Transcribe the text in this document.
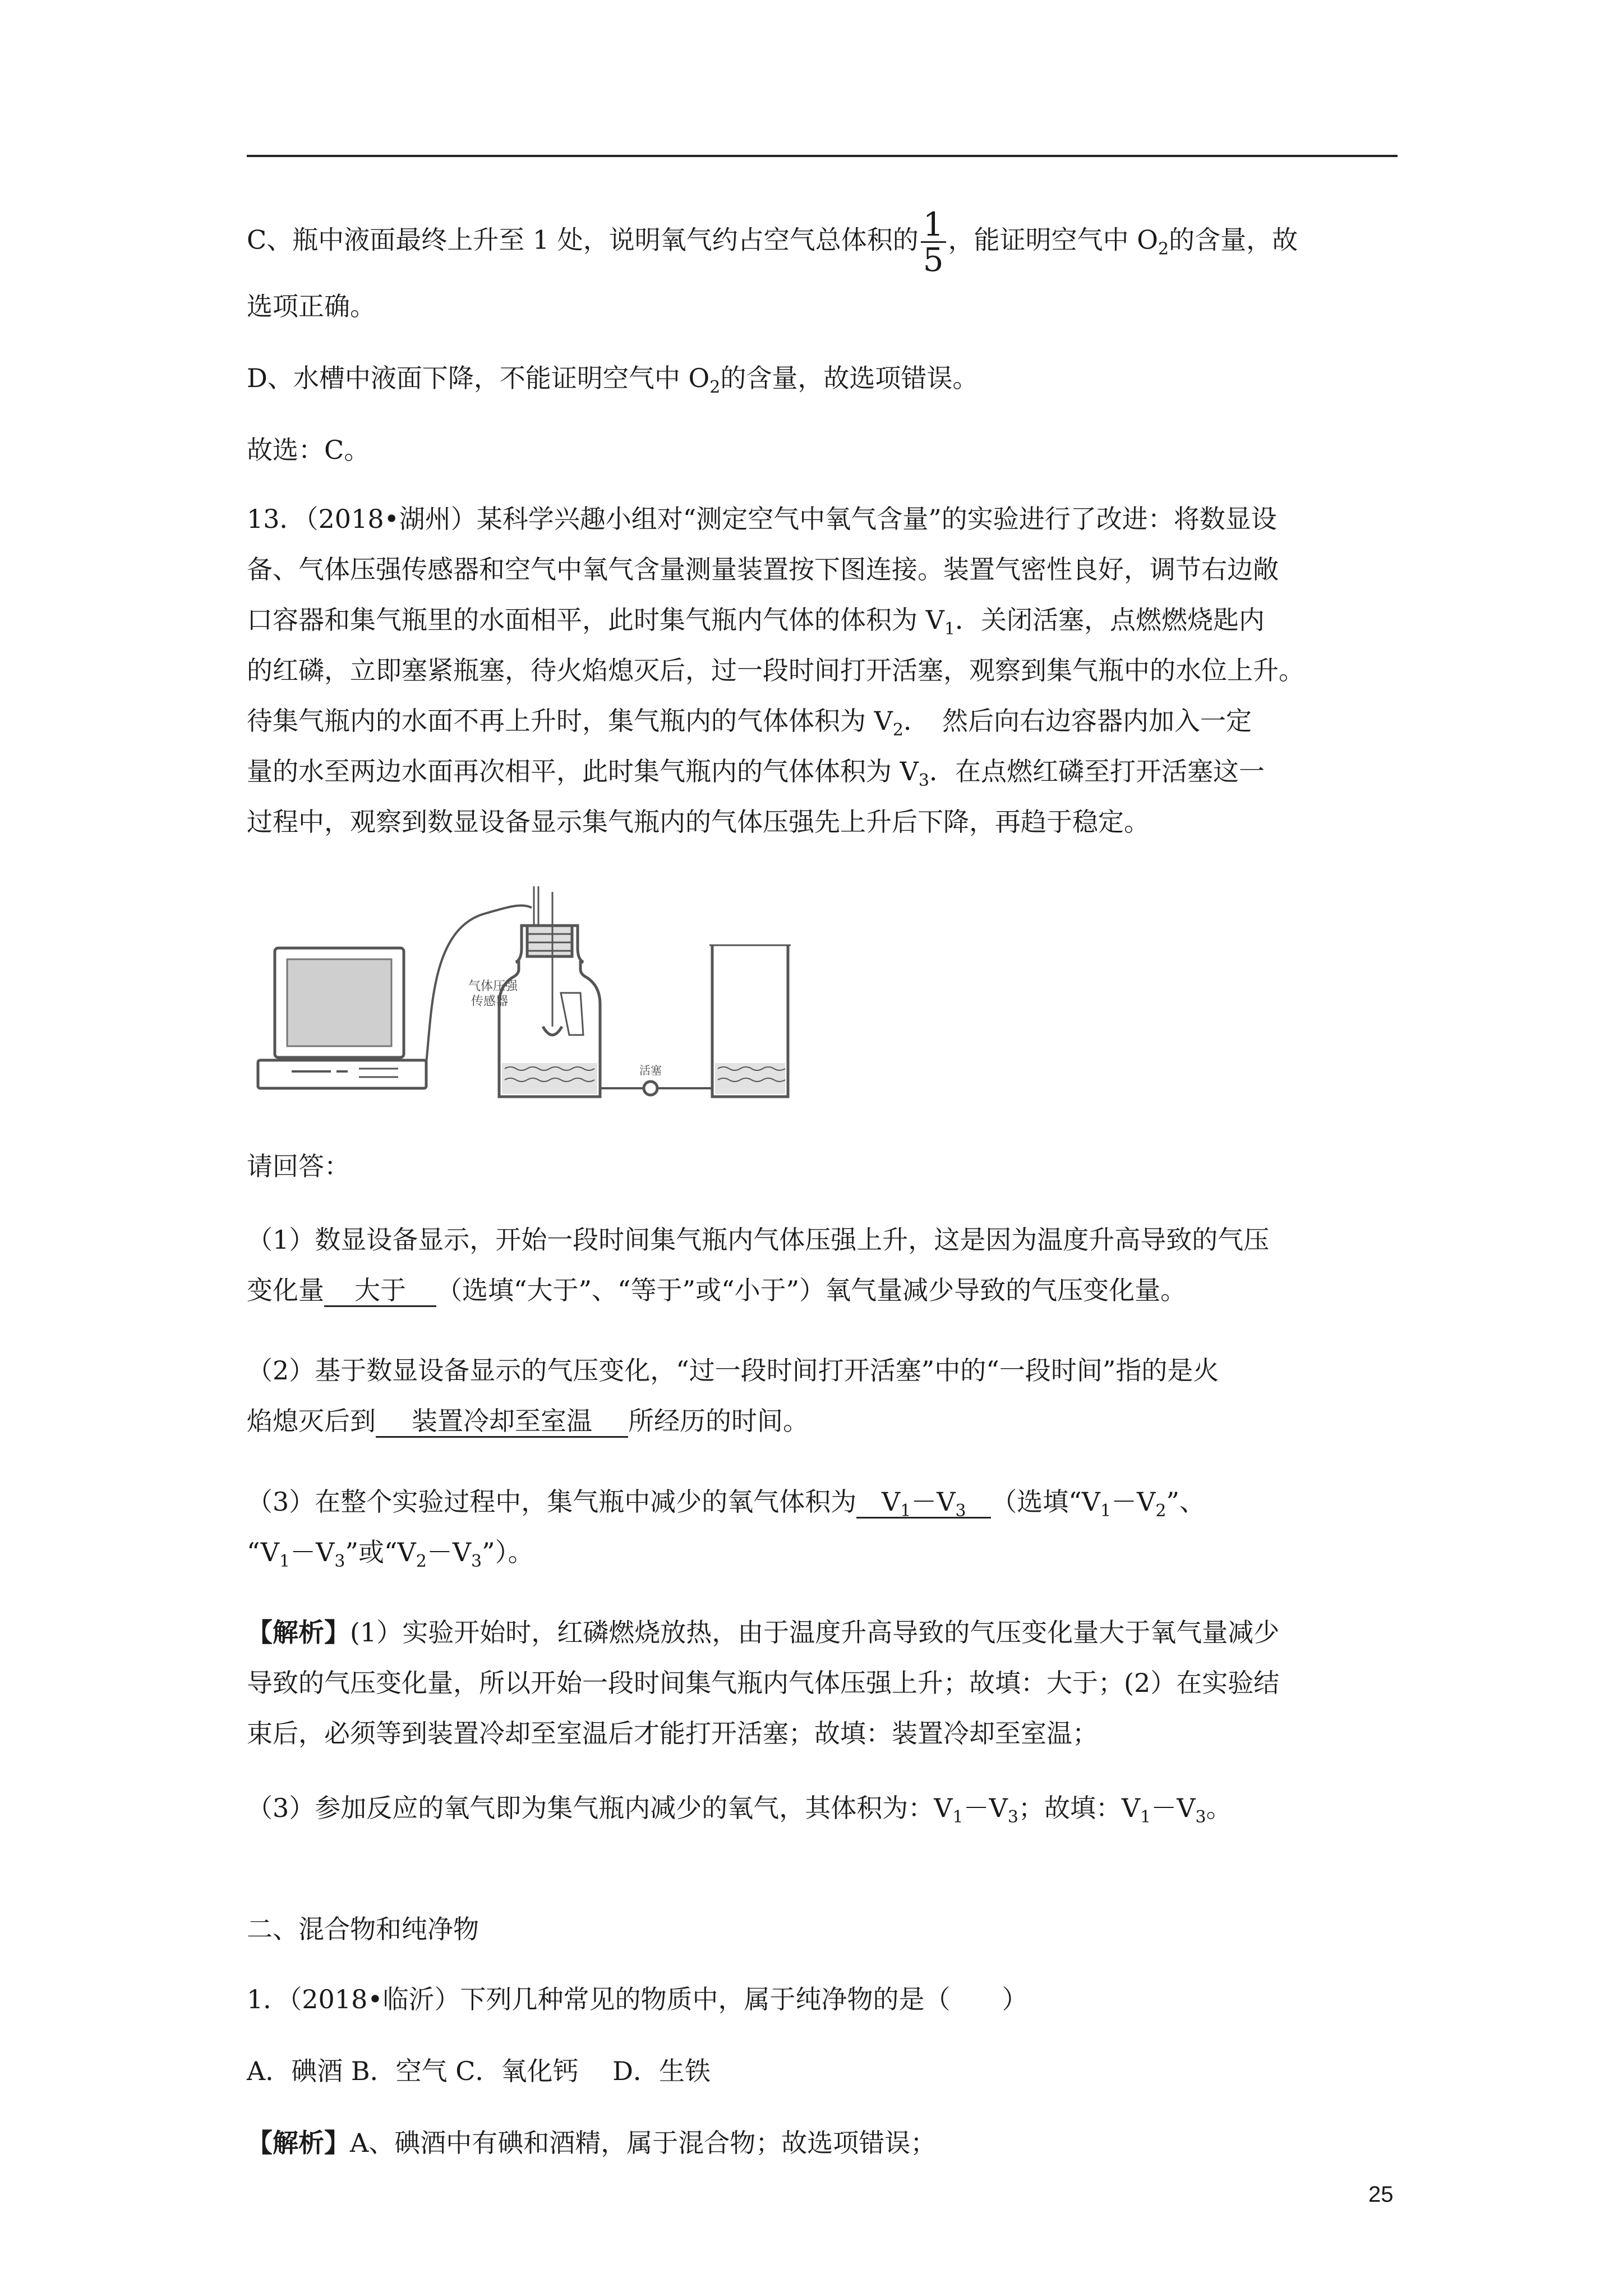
C、瓶中液面最终上升至 1 处，说明氧气约占空气总体积的 $\frac{1}{5}$ ，能证明空气中 $O_2$的含量，故

选项正确。

D、水槽中液面下降，不能证明空气中 $O_2$的含量，故选项错误。

故选：C。

13．（2018•湖州）某科学兴趣小组对“测定空气中氧气含量”的实验进行了改进：将数显设

备、气体压强传感器和空气中氧气含量测量装置按下图连接。装置气密性良好，调节右边敞

口容器和集气瓶里的水面相平，此时集气瓶内气体的体积为 $V_1$．关闭活塞，点燃燃烧匙内

的红磷，立即塞紧瓶塞，待火焰熄灭后，过一段时间打开活塞，观察到集气瓶中的水位上升。

待集气瓶内的水面不再上升时，集气瓶内的气体体积为 $V_2$．　然后向右边容器内加入一定

量的水至两边水面再次相平，此时集气瓶内的气体体积为 $V_3$．在点燃红磷至打开活塞这一

过程中，观察到数显设备显示集气瓶内的气体压强先上升后下降，再趋于稳定。

气体压强
传感器
活塞

请回答：

（1）数显设备显示，开始一段时间集气瓶内气体压强上升，这是因为温度升高导致的气压

变化量 大于 （选填“大于”、“等于”或“小于”）氧气量减少导致的气压变化量。

（2）基于数显设备显示的气压变化，“过一段时间打开活塞”中的“一段时间”指的是火

焰熄灭后到 装置冷却至室温 所经历的时间。

（3）在整个实验过程中，集气瓶中减少的氧气体积为 $V_1-V_3$ （选填“$V_1-V_2$”、

“$V_1-V_3$”或“$V_2-V_3$”）。

【解析】(1）实验开始时，红磷燃烧放热，由于温度升高导致的气压变化量大于氧气量减少

导致的气压变化量，所以开始一段时间集气瓶内气体压强上升；故填：大于；(2）在实验结

束后，必须等到装置冷却至室温后才能打开活塞；故填：装置冷却至室温；

（3）参加反应的氧气即为集气瓶内减少的氧气，其体积为：$V_1-V_3$；故填：$V_1-V_3$。

二、混合物和纯净物

1．（2018•临沂）下列几种常见的物质中，属于纯净物的是（　　）

A．碘酒 B．空气 C．氧化钙　 D．生铁

【解析】A、碘酒中有碘和酒精，属于混合物；故选项错误；

25
